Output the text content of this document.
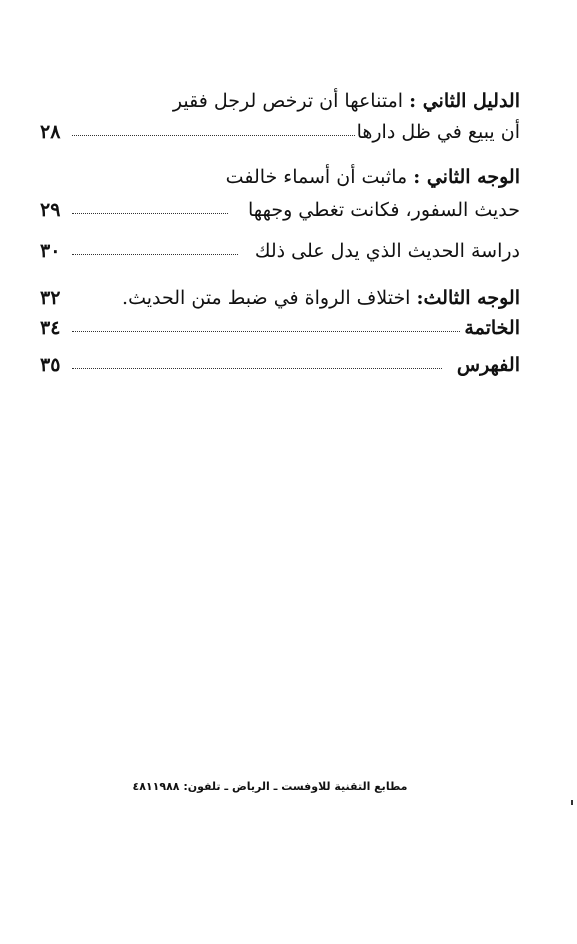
الدليل الثاني : امتناعها أن ترخص لرجل فقير
أن يبيع في ظل دارها
٢٨
الوجه الثاني : ماثبت أن أسماء خالفت
حديث السفور، فكانت تغطي وجهها
٢٩
دراسة الحديث الذي يدل على ذلك
٣٠
الوجه الثالث: اختلاف الرواة في ضبط متن الحديث.
٣٢
الخاتمة
٣٤
الفهرس
٣٥
مطابع التقنية للاوفست ـ الرياض ـ تلفون: ٤٨١١٩٨٨
